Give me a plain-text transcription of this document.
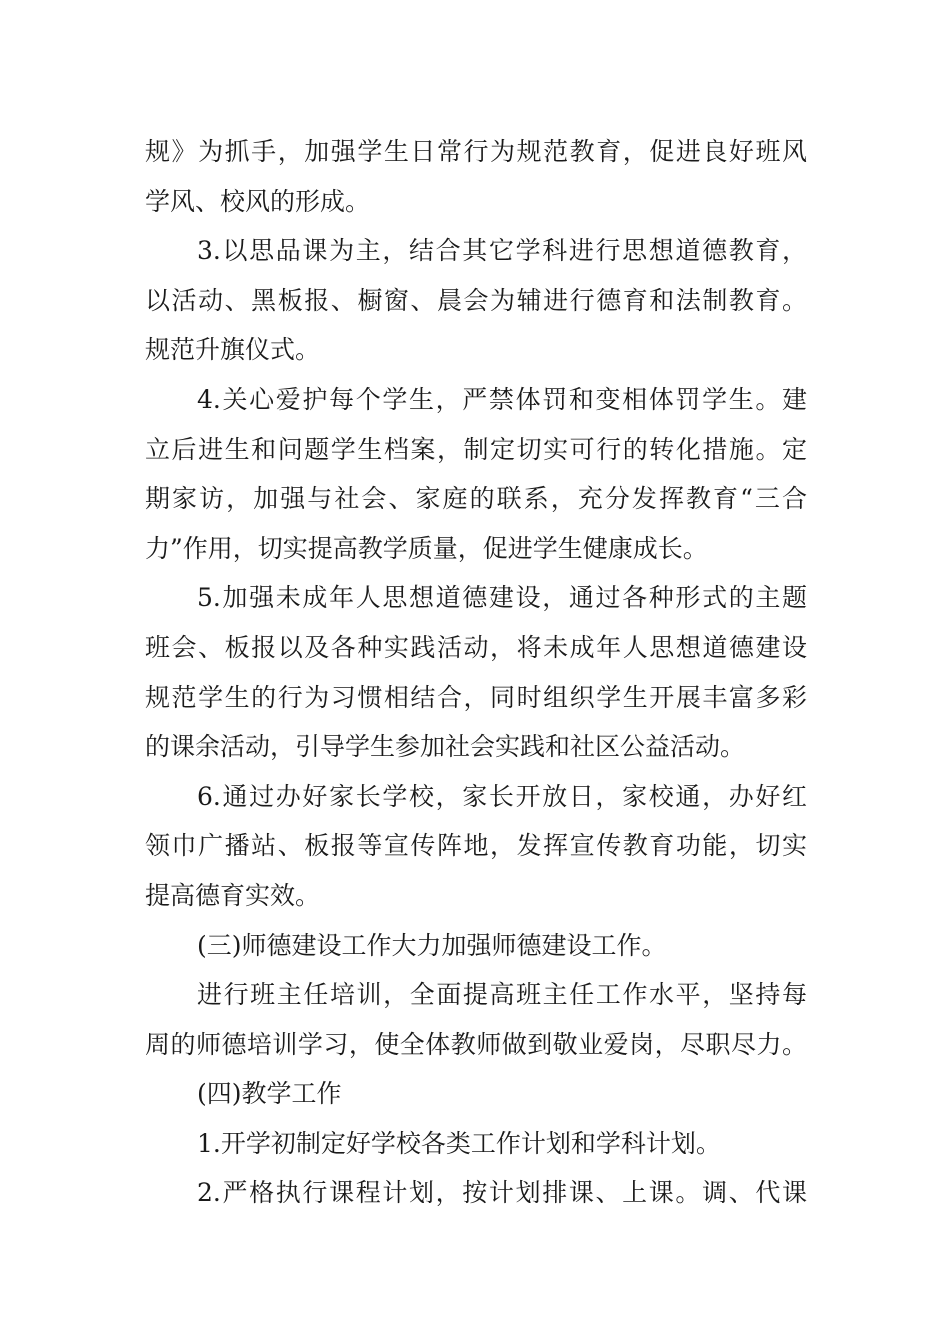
规》为抓手，加强学生日常行为规范教育，促进良好班风
学风、校风的形成。
3.以思品课为主，结合其它学科进行思想道德教育，
以活动、黑板报、橱窗、晨会为辅进行德育和法制教育。
规范升旗仪式。
4.关心爱护每个学生，严禁体罚和变相体罚学生。建
立后进生和问题学生档案，制定切实可行的转化措施。定
期家访，加强与社会、家庭的联系，充分发挥教育“三合
力”作用，切实提高教学质量，促进学生健康成长。
5.加强未成年人思想道德建设，通过各种形式的主题
班会、板报以及各种实践活动，将未成年人思想道德建设
规范学生的行为习惯相结合，同时组织学生开展丰富多彩
的课余活动，引导学生参加社会实践和社区公益活动。
6.通过办好家长学校，家长开放日，家校通，办好红
领巾广播站、板报等宣传阵地，发挥宣传教育功能，切实
提高德育实效。
(三)师德建设工作大力加强师德建设工作。
进行班主任培训，全面提高班主任工作水平，坚持每
周的师德培训学习，使全体教师做到敬业爱岗，尽职尽力。
(四)教学工作
1.开学初制定好学校各类工作计划和学科计划。
2.严格执行课程计划，按计划排课、上课。调、代课
